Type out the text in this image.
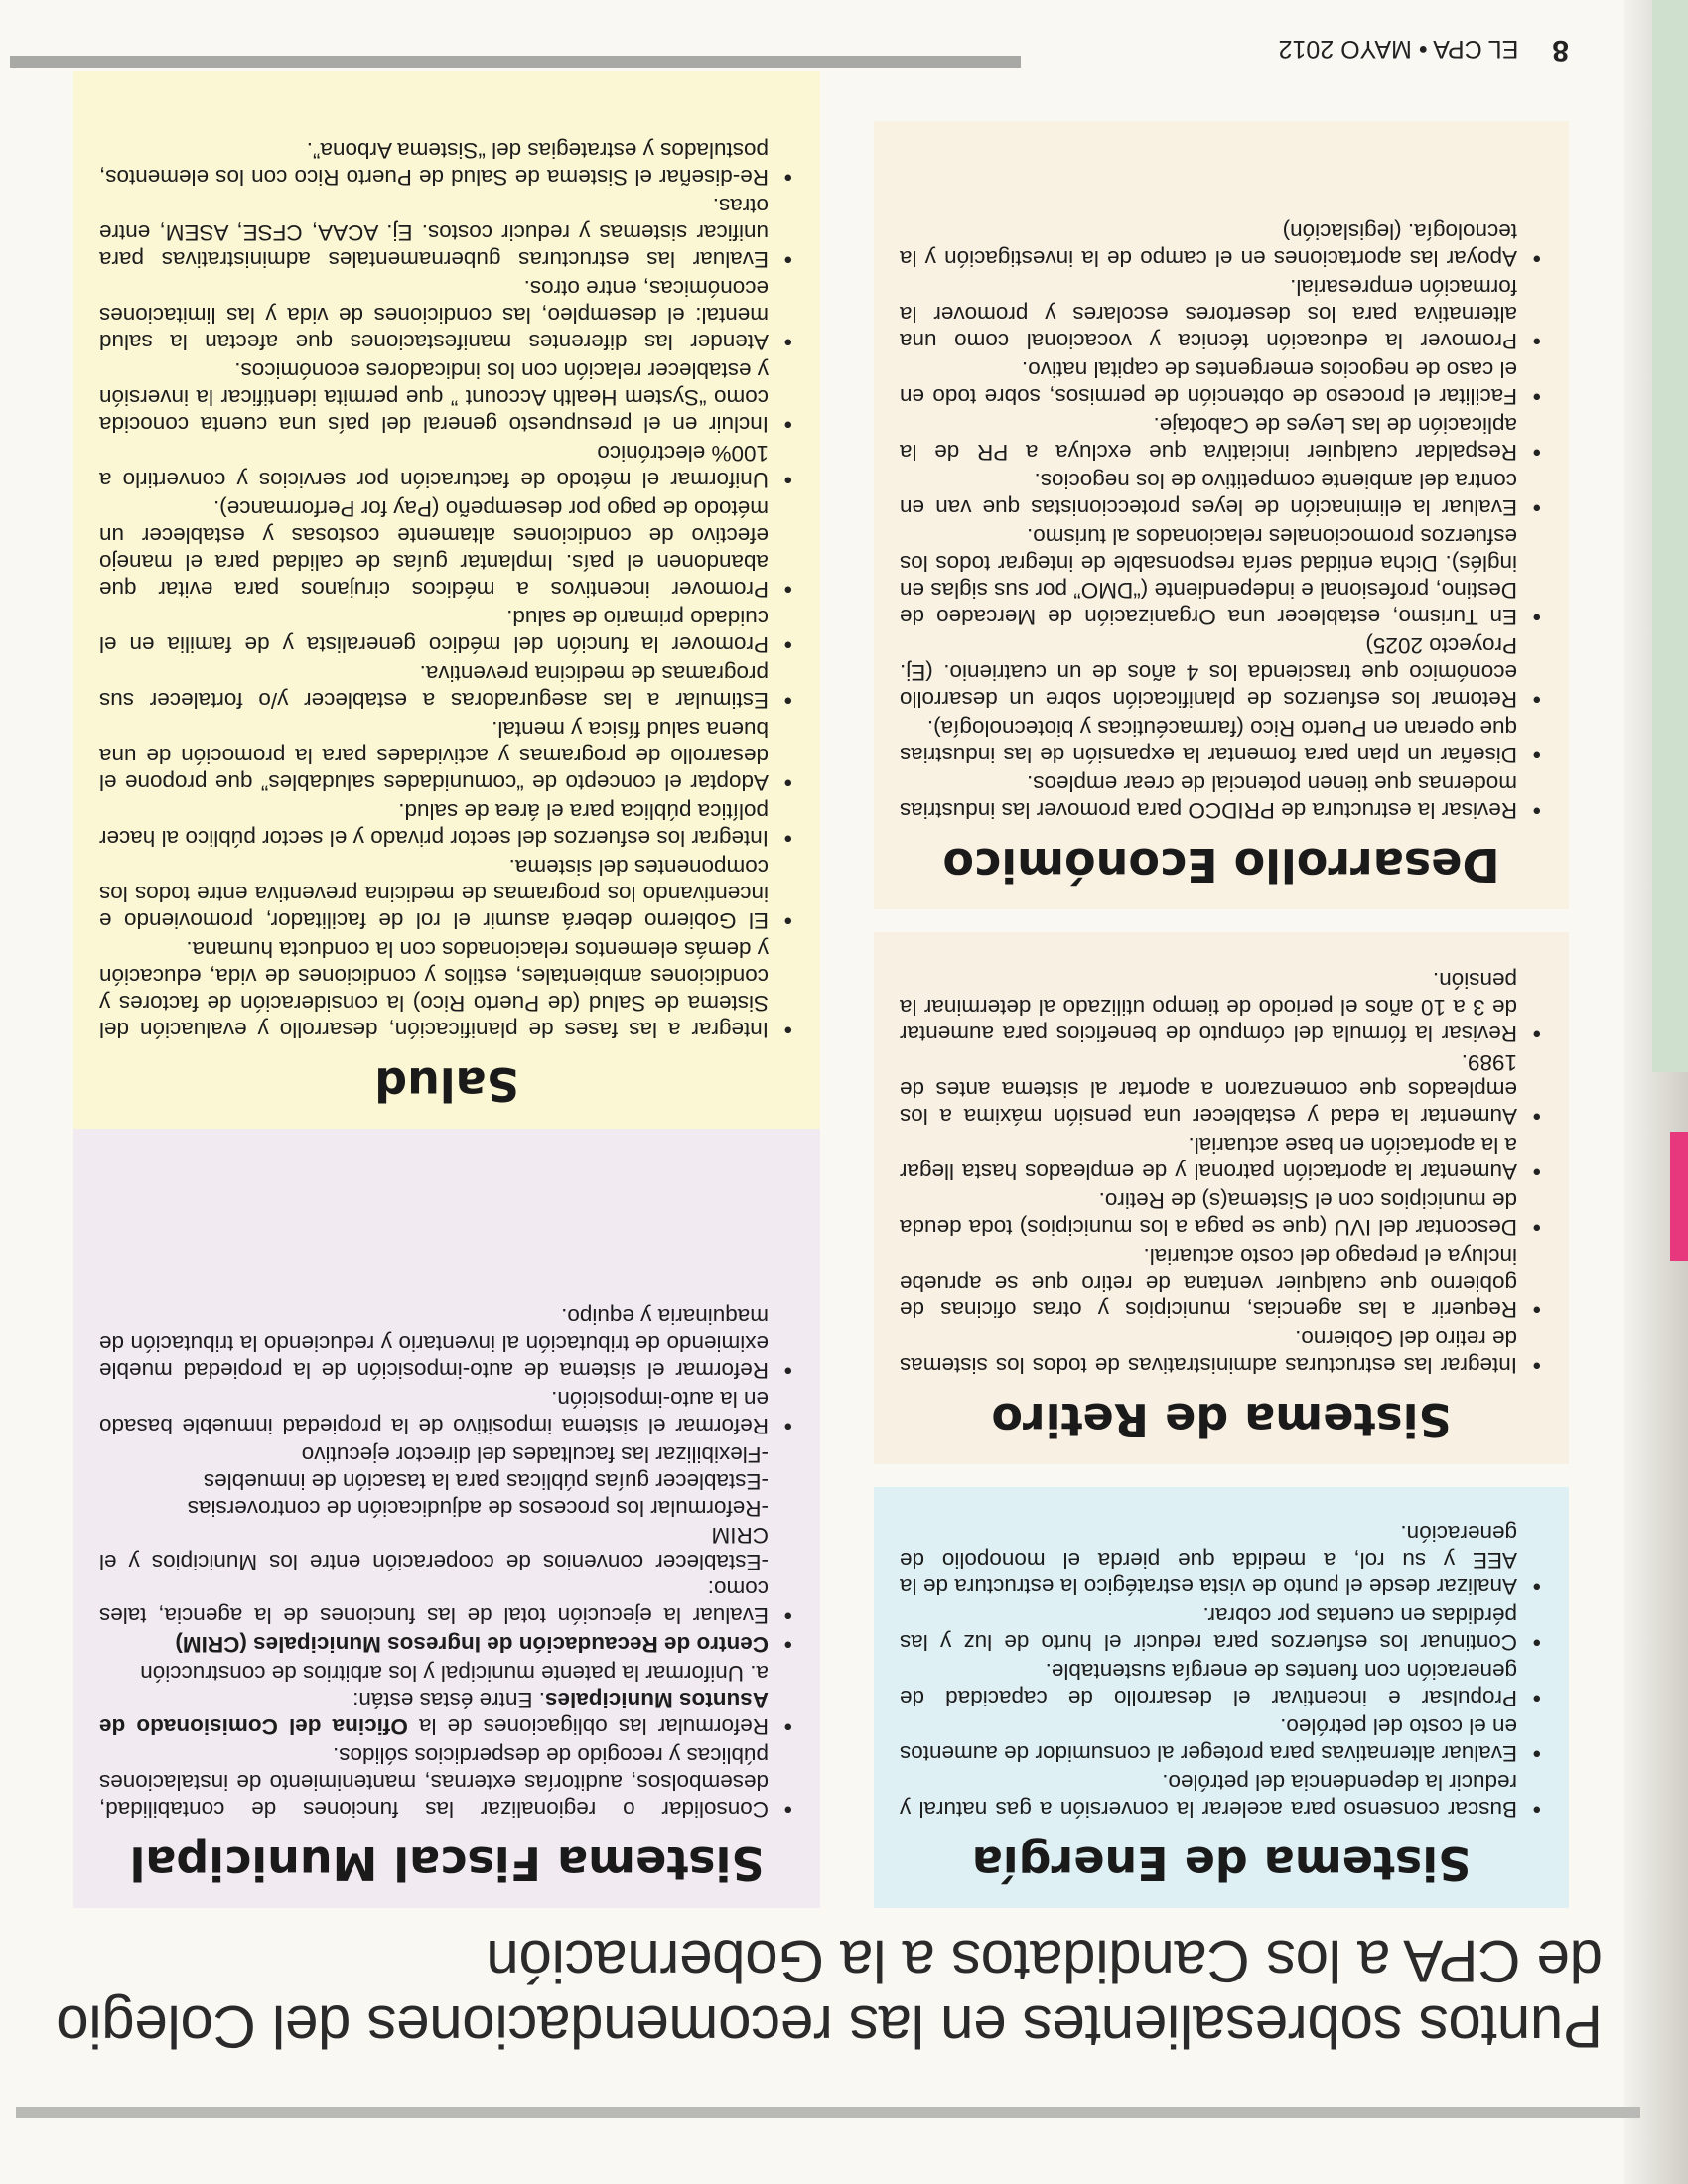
Puntos sobresalientes en las recomendaciones del Colegio de CPA a los Candidatos a la Gobernación
Sistema de Energía
• Buscar consenso para acelerar la conversión a gas natural y reducir la dependencia del petróleo.
• Evaluar alternativas para proteger al consumidor de aumentos en el costo del petróleo.
• Propulsar e incentivar el desarrollo de capacidad de generación con fuentes de energía sustentable.
• Continuar los esfuerzos para reducir el hurto de luz y las pérdidas en cuentas por cobrar.
• Analizar desde el punto de vista estratégico la estructura de la AEE y su rol, a medida que pierda el monopolio de generación.
Sistema de Retiro
• Integrar las estructuras administrativas de todos los sistemas de retiro del Gobierno.
• Requerir a las agencias, municipios y otras oficinas de gobierno que cualquier ventana de retiro que se apruebe incluya el prepago del costo actuarial.
• Descontar del IVU (que se paga a los municipios) toda deuda de municipios con el Sistema(s) de Retiro.
• Aumentar la aportación patronal y de empleados hasta llegar a la aportación en base actuarial.
• Aumentar la edad y establecer una pensión máxima a los empleados que comenzaron a aportar al sistema antes de 1989.
• Revisar la fórmula del cómputo de beneficios para aumentar de 3 a 10 años el periodo de tiempo utilizado al determinar la pensión.
Desarrollo Económico
• Revisar la estructura de PRIDCO para promover las industrias modernas que tienen potencial de crear empleos.
• Diseñar un plan para fomentar la expansión de las industrias que operan en Puerto Rico (farmacéuticas y biotecnología).
• Retomar los esfuerzos de planificación sobre un desarrollo económico que trascienda los 4 años de un cuatrienio. (Ej. Proyecto 2025)
• En Turismo, establecer una Organización de Mercadeo de Destino, profesional e independiente (“DMO” por sus siglas en inglés). Dicha entidad sería responsable de integrar todos los esfuerzos promocionales relacionados al turismo.
• Evaluar la eliminación de leyes proteccionistas que van en contra del ambiente competitivo de los negocios.
• Respaldar cualquier iniciativa que excluya a PR de la aplicación de las Leyes de Cabotaje.
• Facilitar el proceso de obtención de permisos, sobre todo en el caso de negocios emergentes de capital nativo.
• Promover la educación técnica y vocacional como una alternativa para los desertores escolares y promover la formación empresarial.
• Apoyar las aportaciones en el campo de la investigación y la tecnología. (legislación)
Sistema Fiscal Municipal
• Consolidar o regionalizar las funciones de contabilidad, desembolsos, auditorías externas, mantenimiento de instalaciones públicas y recogido de desperdicios sólidos.
• Reformular las obligaciones de la Oficina del Comisionado de Asuntos Municipales. Entre éstas están:
a. Uniformar la patente municipal y los arbitrios de construcción
• Centro de Recaudación de Ingresos Municipales (CRIM)
• Evaluar la ejecución total de las funciones de la agencia, tales como:
-Establecer convenios de cooperación entre los Municipios y el CRIM
-Reformular los procesos de adjudicación de controversias
-Establecer guías públicas para la tasación de inmuebles
-Flexibilizar las facultades del director ejecutivo
• Reformar el sistema impositivo de la propiedad inmueble basado en la auto-imposición.
• Reformar el sistema de auto-imposición de la propiedad mueble eximiendo de tributación al inventario y reduciendo la tributación de maquinaria y equipo.
Salud
• Integrar a las fases de planificación, desarrollo y evaluación del Sistema de Salud (de Puerto Rico) la consideración de factores y condiciones ambientales, estilos y condiciones de vida, educación y demás elementos relacionados con la conducta humana.
• El Gobierno deberá asumir el rol de facilitador, promoviendo e incentivando los programas de medicina preventiva entre todos los componentes del sistema.
• Integrar los esfuerzos del sector privado y el sector público al hacer política pública para el área de salud.
• Adoptar el concepto de “comunidades saludables” que propone el desarrollo de programas y actividades para la promoción de una buena salud física y mental.
• Estimular a las aseguradoras a establecer y/o fortalecer sus programas de medicina preventiva.
• Promover la función del médico generalista y de familia en el cuidado primario de salud.
• Promover incentivos a médicos cirujanos para evitar que abandonen el país. Implantar guías de calidad para el manejo efectivo de condiciones altamente costosas y establecer un método de pago por desempeño (Pay for Performance).
• Uniformar el método de facturación por servicios y convertirlo a 100% electrónico
• Incluir en el presupuesto general del país una cuenta conocida como “System Health Account ” que permita identificar la inversión y establecer relación con los indicadores económicos.
• Atender las diferentes manifestaciones que afectan la salud mental: el desempleo, las condiciones de vida y las limitaciones económicas, entre otros.
• Evaluar las estructuras gubernamentales administrativas para unificar sistemas y reducir costos. Ej. ACAA, CFSE, ASEM, entre otras.
• Re-diseñar el Sistema de Salud de Puerto Rico con los elementos, postulados y estrategias del “Sistema Arbona”.
8EL CPA • MAYO 2012
